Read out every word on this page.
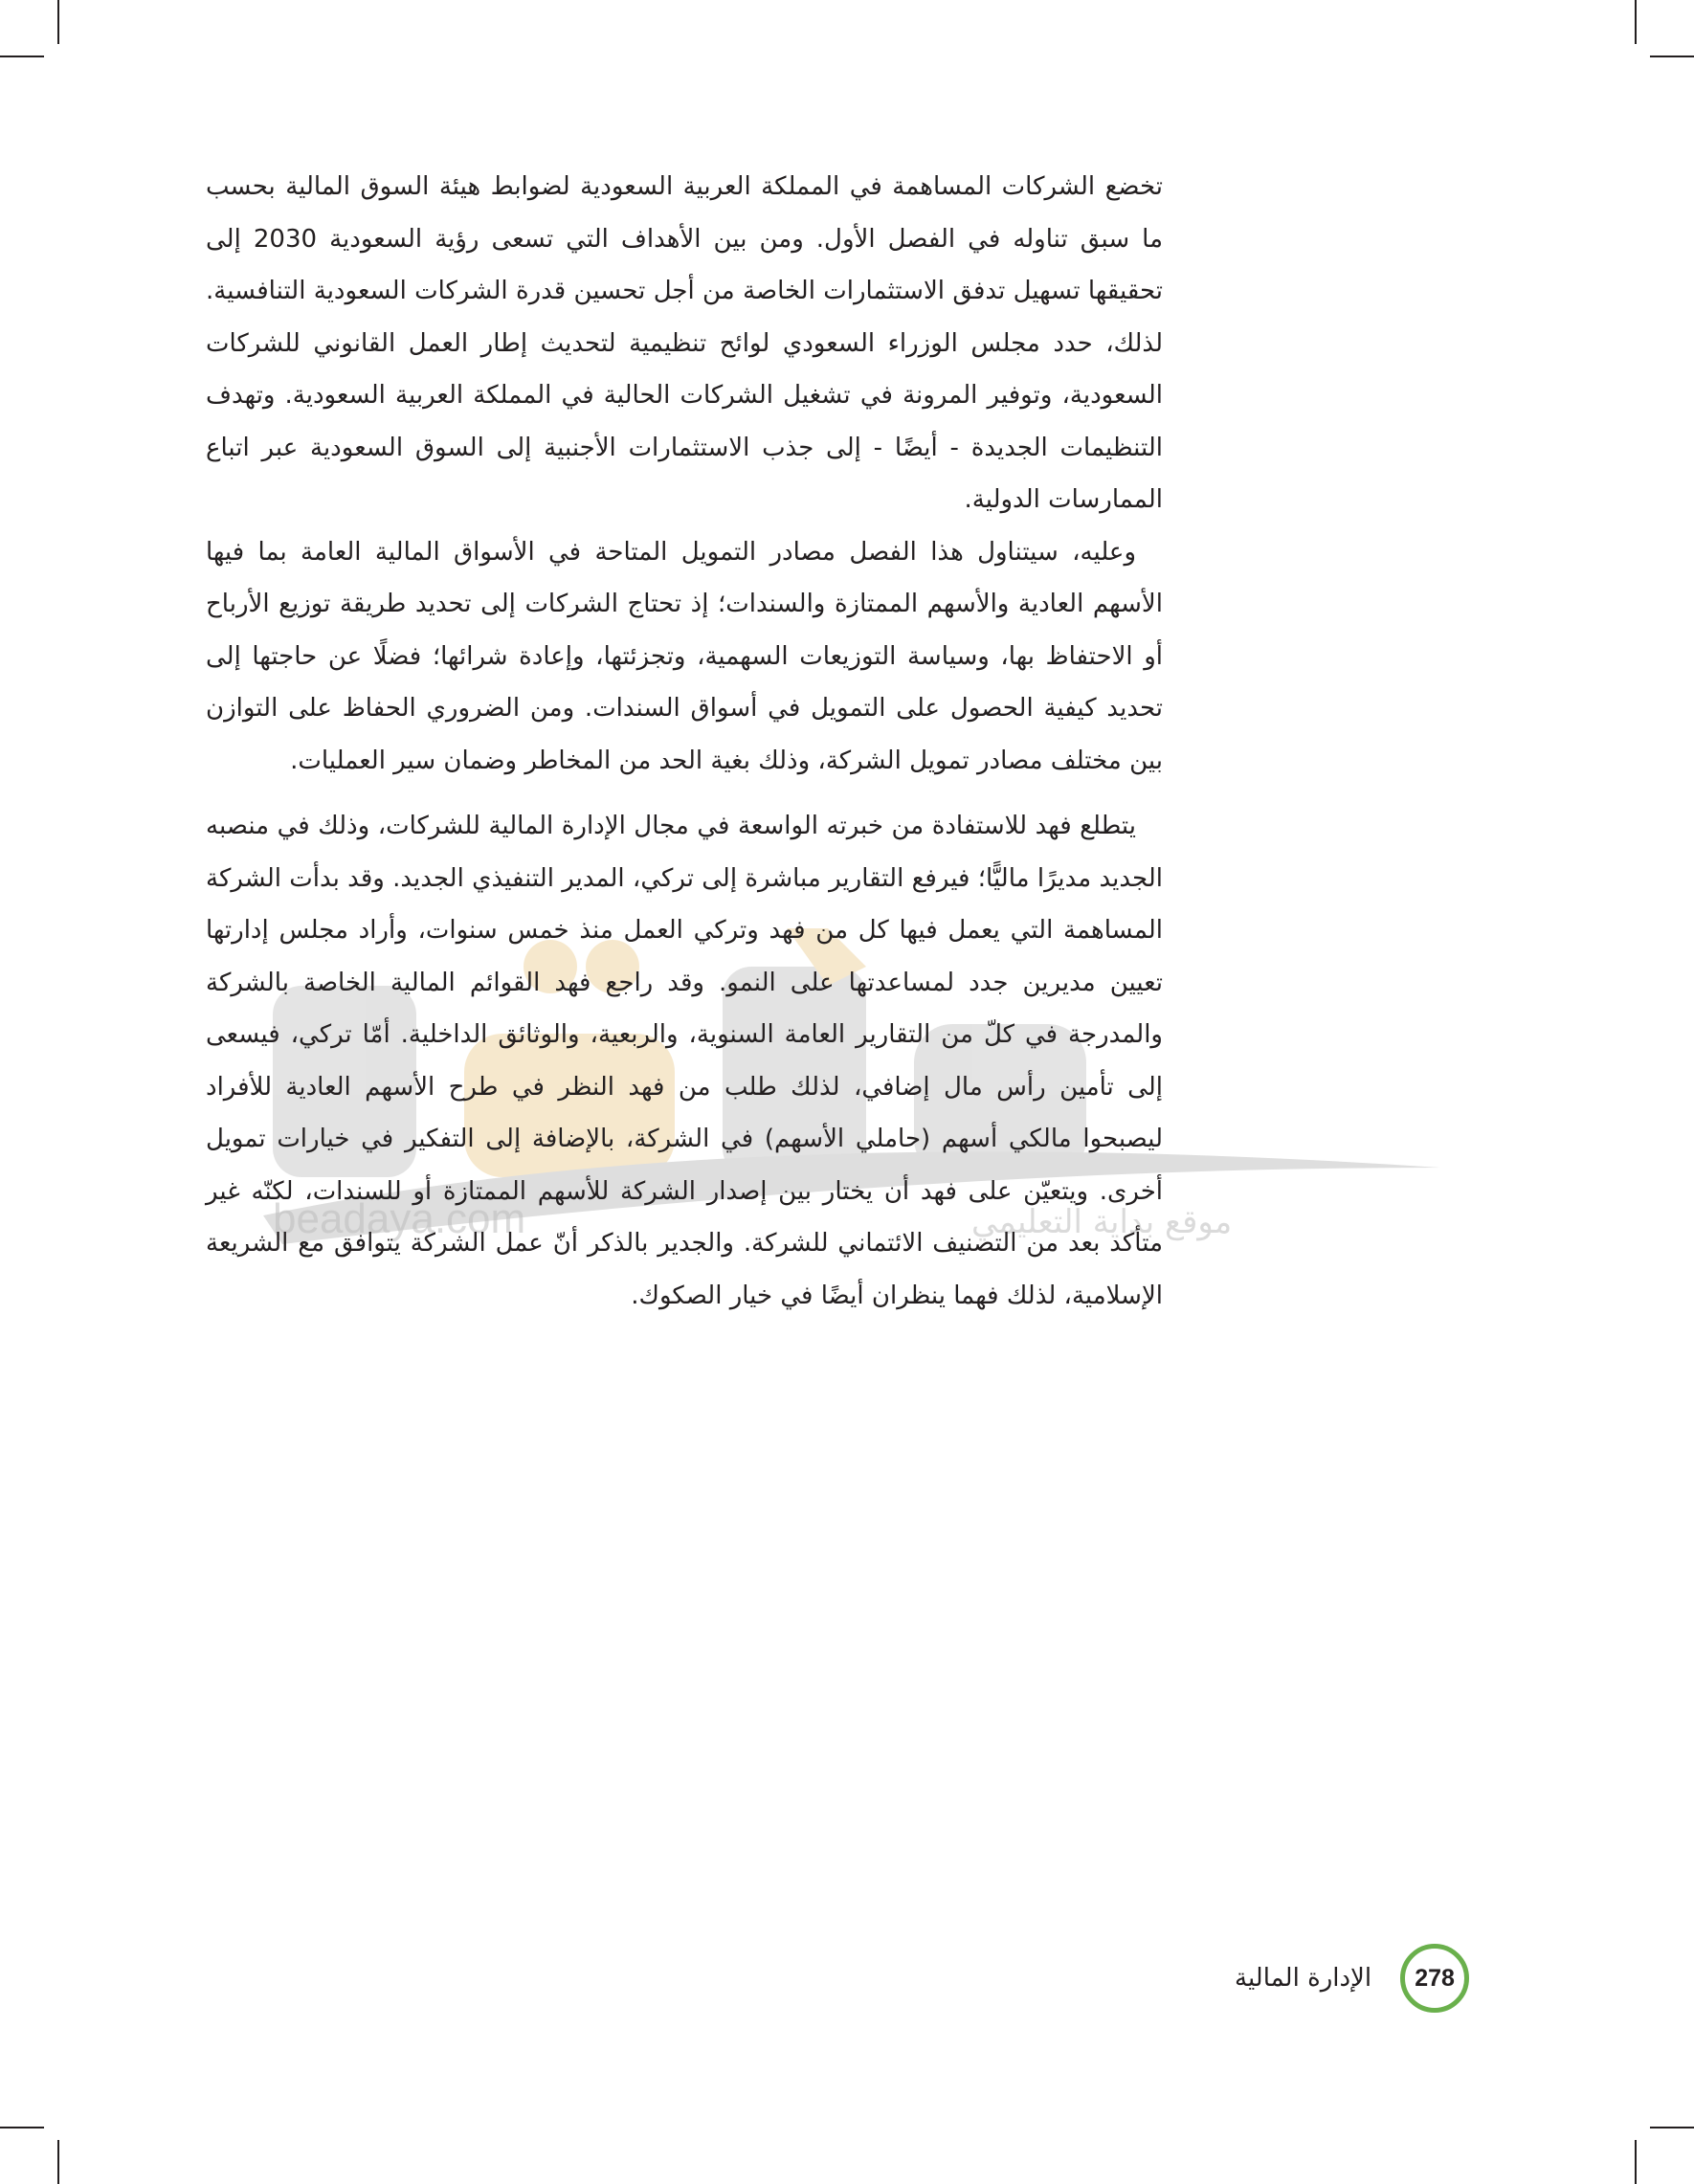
beadaya.com	موقع بداية التعليمي

تخضع الشركات المساهمة في المملكة العربية السعودية لضوابط هيئة السوق المالية بحسب ما سبق تناوله في الفصل الأول. ومن بين الأهداف التي تسعى رؤية السعودية 2030 إلى تحقيقها تسهيل تدفق الاستثمارات الخاصة من أجل تحسين قدرة الشركات السعودية التنافسية. لذلك، حدد مجلس الوزراء السعودي لوائح تنظيمية لتحديث إطار العمل القانوني للشركات السعودية، وتوفير المرونة في تشغيل الشركات الحالية في المملكة العربية السعودية. وتهدف التنظيمات الجديدة - أيضًا - إلى جذب الاستثمارات الأجنبية إلى السوق السعودية عبر اتباع الممارسات الدولية.

وعليه، سيتناول هذا الفصل مصادر التمويل المتاحة في الأسواق المالية العامة بما فيها الأسهم العادية والأسهم الممتازة والسندات؛ إذ تحتاج الشركات إلى تحديد طريقة توزيع الأرباح أو الاحتفاظ بها، وسياسة التوزيعات السهمية، وتجزئتها، وإعادة شرائها؛ فضلًا عن حاجتها إلى تحديد كيفية الحصول على التمويل في أسواق السندات. ومن الضروري الحفاظ على التوازن بين مختلف مصادر تمويل الشركة، وذلك بغية الحد من المخاطر وضمان سير العمليات.

يتطلع فهد للاستفادة من خبرته الواسعة في مجال الإدارة المالية للشركات، وذلك في منصبه الجديد مديرًا ماليًّا؛ فيرفع التقارير مباشرة إلى تركي، المدير التنفيذي الجديد. وقد بدأت الشركة المساهمة التي يعمل فيها كل من فهد وتركي العمل منذ خمس سنوات، وأراد مجلس إدارتها تعيين مديرين جدد لمساعدتها على النمو. وقد راجع فهد القوائم المالية الخاصة بالشركة والمدرجة في كلّ من التقارير العامة السنوية، والربعية، والوثائق الداخلية. أمّا تركي، فيسعى إلى تأمين رأس مال إضافي، لذلك طلب من فهد النظر في طرح الأسهم العادية للأفراد ليصبحوا مالكي أسهم (حاملي الأسهم) في الشركة، بالإضافة إلى التفكير في خيارات تمويل أخرى. ويتعيّن على فهد أن يختار بين إصدار الشركة للأسهم الممتازة أو للسندات، لكنّه غير متأكد بعد من التصنيف الائتماني للشركة. والجدير بالذكر أنّ عمل الشركة يتوافق مع الشريعة الإسلامية، لذلك فهما ينظران أيضًا في خيار الصكوك.

الإدارة المالية	278
